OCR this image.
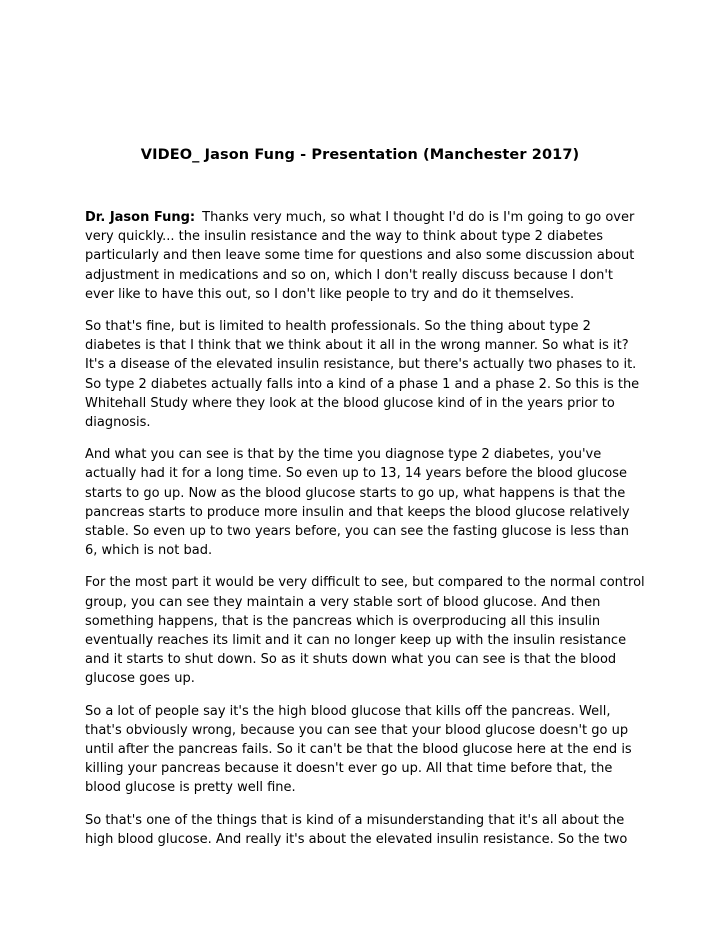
VIDEO_ Jason Fung - Presentation (Manchester 2017)

Dr. Jason Fung: Thanks very much, so what I thought I'd do is I'm going to go over very quickly... the insulin resistance and the way to think about type 2 diabetes particularly and then leave some time for questions and also some discussion about adjustment in medications and so on, which I don't really discuss because I don't ever like to have this out, so I don't like people to try and do it themselves.

So that's fine, but is limited to health professionals. So the thing about type 2 diabetes is that I think that we think about it all in the wrong manner. So what is it? It's a disease of the elevated insulin resistance, but there's actually two phases to it. So type 2 diabetes actually falls into a kind of a phase 1 and a phase 2. So this is the Whitehall Study where they look at the blood glucose kind of in the years prior to diagnosis.

And what you can see is that by the time you diagnose type 2 diabetes, you've actually had it for a long time. So even up to 13, 14 years before the blood glucose starts to go up. Now as the blood glucose starts to go up, what happens is that the pancreas starts to produce more insulin and that keeps the blood glucose relatively stable. So even up to two years before, you can see the fasting glucose is less than 6, which is not bad.

For the most part it would be very difficult to see, but compared to the normal control group, you can see they maintain a very stable sort of blood glucose. And then something happens, that is the pancreas which is overproducing all this insulin eventually reaches its limit and it can no longer keep up with the insulin resistance and it starts to shut down. So as it shuts down what you can see is that the blood glucose goes up.

So a lot of people say it's the high blood glucose that kills off the pancreas. Well, that's obviously wrong, because you can see that your blood glucose doesn't go up until after the pancreas fails. So it can't be that the blood glucose here at the end is killing your pancreas because it doesn't ever go up. All that time before that, the blood glucose is pretty well fine.

So that's one of the things that is kind of a misunderstanding that it's all about the high blood glucose. And really it's about the elevated insulin resistance. So the two
